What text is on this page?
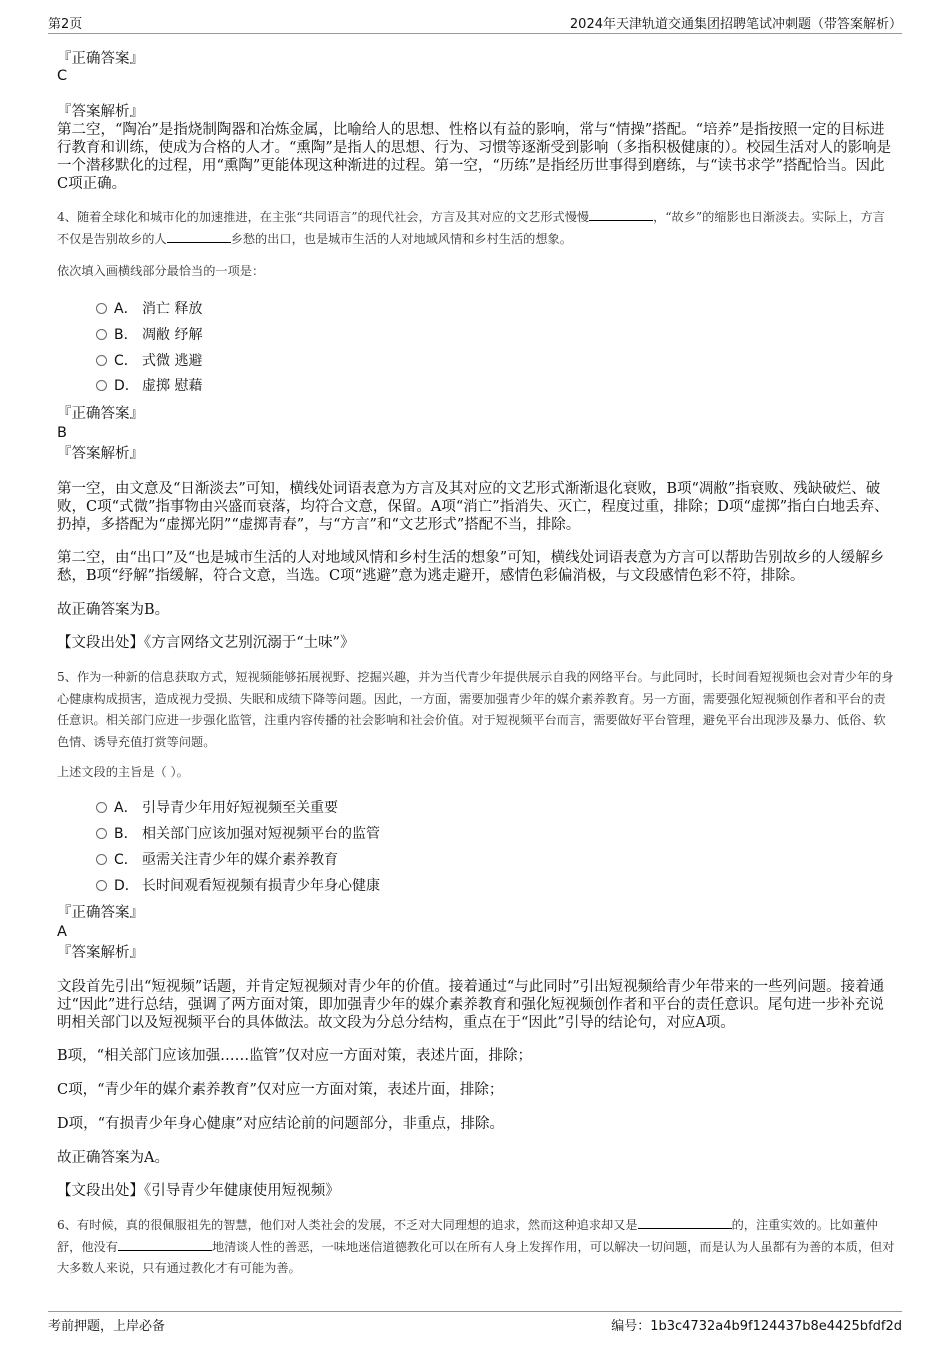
第2页	2024年天津轨道交通集团招聘笔试冲刺题（带答案解析）
『正确答案』
C
『答案解析』
第二空，“陶冶”是指烧制陶器和冶炼金属，比喻给人的思想、性格以有益的影响，常与“情操”搭配。“培养”是指按照一定的目标进行教育和训练，使成为合格的人才。“熏陶”是指人的思想、行为、习惯等逐渐受到影响（多指积极健康的）。校园生活对人的影响是一个潜移默化的过程，用“熏陶”更能体现这种渐进的过程。第一空，“历练”是指经历世事得到磨练，与“读书求学”搭配恰当。因此C项正确。
4、随着全球化和城市化的加速推进，在主张“共同语言”的现代社会，方言及其对应的文艺形式慢慢	，“故乡”的缩影也日渐淡去。实际上，方言不仅是告别故乡的人	乡愁的出口，也是城市生活的人对地域风情和乡村生活的想象。
依次填入画横线部分最恰当的一项是：
A． 消亡 释放
B． 凋敝 纾解
C． 式微 逃避
D． 虚掷 慰藉
『正确答案』
B
『答案解析』
第一空，由文意及“日渐淡去”可知，横线处词语表意为方言及其对应的文艺形式渐渐退化衰败，B项“凋敝”指衰败、残缺破烂、破败，C项“式微”指事物由兴盛而衰落，均符合文意，保留。A项“消亡”指消失、灭亡，程度过重，排除；D项“虚掷”指白白地丢弃、扔掉，多搭配为“虚掷光阴”“虚掷青春”，与“方言”和“文艺形式”搭配不当，排除。
第二空，由“出口”及“也是城市生活的人对地域风情和乡村生活的想象”可知，横线处词语表意为方言可以帮助告别故乡的人缓解乡愁，B项“纾解”指缓解，符合文意，当选。C项“逃避”意为逃走避开，感情色彩偏消极，与文段感情色彩不符，排除。
故正确答案为B。
【文段出处】《方言网络文艺别沉溺于“土味”》
5、作为一种新的信息获取方式，短视频能够拓展视野、挖掘兴趣，并为当代青少年提供展示自我的网络平台。与此同时，长时间看短视频也会对青少年的身心健康构成损害，造成视力受损、失眠和成绩下降等问题。因此，一方面，需要加强青少年的媒介素养教育。另一方面，需要强化短视频创作者和平台的责任意识。相关部门应进一步强化监管，注重内容传播的社会影响和社会价值。对于短视频平台而言，需要做好平台管理，避免平台出现涉及暴力、低俗、软色情、诱导充值打赏等问题。
上述文段的主旨是（ ）。
A． 引导青少年用好短视频至关重要
B． 相关部门应该加强对短视频平台的监管
C． 亟需关注青少年的媒介素养教育
D． 长时间观看短视频有损青少年身心健康
『正确答案』
A
『答案解析』
文段首先引出“短视频”话题，并肯定短视频对青少年的价值。接着通过“与此同时”引出短视频给青少年带来的一些列问题。接着通过“因此”进行总结，强调了两方面对策，即加强青少年的媒介素养教育和强化短视频创作者和平台的责任意识。尾句进一步补充说明相关部门以及短视频平台的具体做法。故文段为分总分结构，重点在于“因此”引导的结论句，对应A项。
B项，“相关部门应该加强……监管”仅对应一方面对策，表述片面，排除；
C项，“青少年的媒介素养教育”仅对应一方面对策，表述片面，排除；
D项，“有损青少年身心健康”对应结论前的问题部分，非重点，排除。
故正确答案为A。
【文段出处】《引导青少年健康使用短视频》
6、有时候，真的很佩服祖先的智慧，他们对人类社会的发展，不乏对大同理想的追求，然而这种追求却又是	的，注重实效的。比如董仲舒，他没有	地清谈人性的善恶，一味地迷信道德教化可以在所有人身上发挥作用，可以解决一切问题，而是认为人虽都有为善的本质，但对大多数人来说，只有通过教化才有可能为善。
考前押题，上岸必备	编号：1b3c4732a4b9f124437b8e4425bfdf2d
